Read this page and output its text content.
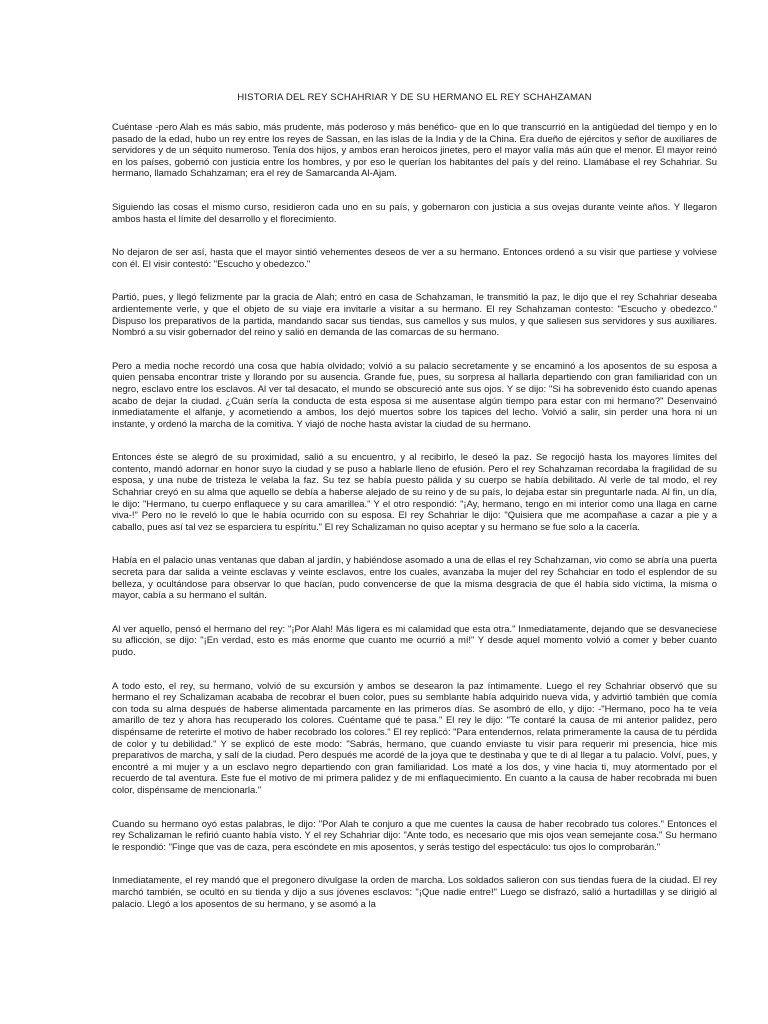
HISTORIA DEL REY SCHAHRIAR Y DE SU HERMANO EL REY SCHAHZAMAN

Cuéntase -pero Alah es más sabio, más prudente, más poderoso y más benéfico- que en lo que transcurrió en la antigüedad del tiempo y en lo pasado de la edad, hubo un rey entre los reyes de Sassan, en las islas de la India y de la China. Era dueño de ejércitos y señor de auxiliares de servidores y de un séquito numeroso. Tenía dos hijos, y ambos eran heroicos jinetes, pero el mayor valía más aún que el menor. El mayor reinó en los países, gobernó con justicia entre los hombres, y por eso le querían los habitantes del país y del reino. Llamábase el rey Schahriar. Su hermano, llamado Schahzaman; era el rey de Samarcanda Al-Ajam.

Siguiendo las cosas el mismo curso, residieron cada uno en su país, y gobernaron con justicia a sus ovejas durante veinte años. Y llegaron ambos hasta el límite del desarrollo y el florecimiento.

No dejaron de ser así, hasta que el mayor sintió vehementes deseos de ver a su hermano. Entonces ordenó a su visir que partiese y volviese con él. El visir contestó: "Escucho y obedezco."

Partió, pues, y llegó felizmente par la gracia de Alah; entró en casa de Schahzaman, le transmitió la paz, le dijo que el rey Schahriar deseaba ardientemente verle, y que el objeto de su viaje era invitarle a visitar a su hermano. El rey Schahzaman contesto: "Escucho y obedezco." Dispuso los preparativos de la partida, mandando sacar sus tiendas, sus camellos y sus mulos, y que saliesen sus servidores y sus auxiliares. Nombró a su visir gobernador del reino y salió en demanda de las comarcas de su hermano.

Pero a media noche recordó una cosa que había olvidado; volvió a su palacio secretamente y se encaminó a los aposentos de su esposa a quien pensaba encontrar triste y llorando por su ausencia. Grande fue, pues, su sorpresa al hallarla departiendo con gran familiaridad con un negro, esclavo entre los esclavos. Al ver tal desacato, el mundo se obscureció ante sus ojos. Y se dijo: "Si ha sobrevenido ésto cuando apenas acabo de dejar la ciudad. ¿Cuán sería la conducta de esta esposa si me ausentase algún tiempo para estar con mi hermano?" Desenvainó inmediatamente el alfanje, y acometiendo a ambos, los dejó muertos sobre los tapices del lecho. Volvió a salir, sin perder una hora ni un instante, y ordenó la marcha de la comitiva. Y viajó de noche hasta avistar la ciudad de su hermano.

Entonces éste se alegró de su proximidad, salió a su encuentro, y al recibirlo, le deseó la paz. Se regocijó hasta los mayores límites del contento, mandó adornar en honor suyo la ciudad y se puso a hablarle lleno de efusión. Pero el rey Schahzaman recordaba la fragilidad de su esposa, y una nube de tristeza le velaba la faz. Su tez se había puesto pálida y su cuerpo se había debilitado. Al verle de tal modo, el rey Schahriar creyó en su alma que aquello se debía a haberse alejado de su reino y de su país, lo dejaba estar sin preguntarle nada. Al fin, un día, le dijo: "Hermano, tu cuerpo enflaquece y su cara amarillea." Y el otro respondió: "¡Ay, hermano, tengo en mi interior como una llaga en carne viva-!" Pero no le reveló lo que le había ocurrido con su esposa. El rey Schahriar le dijo: "Quisiera que me acompañase a cazar a pie y a caballo, pues así tal vez se esparciera tu espíritu." El rey Schalizaman no quiso aceptar y su hermano se fue solo a la cacería.

Había en el palacio unas ventanas que daban al jardín, y habiéndose asomado a una de ellas el rey Schahzaman, vio como se abría una puerta secreta para dar salida a veinte esclavas y veinte esclavos, entre los cuales, avanzaba la mujer del rey Schahciar en todo el esplendor de su belleza, y ocultándose para observar lo que hacían, pudo convencerse de que la misma desgracia de que él había sido víctima, la misma o mayor, cabía a su hermano el sultán.

Al ver aquello, pensó el hermano del rey: "¡Por Alah! Más ligera es mi calamidad que esta otra." Inmediatamente, dejando que se desvaneciese su aflicción, se dijo: "¡En verdad, esto es más enorme que cuanto me ocurrió a mí!" Y desde aquel momento volvió a comer y beber cuanto pudo.

A todo esto, el rey, su hermano, volvió de su excursión y ambos se desearon la paz íntimamente. Luego el rey Schahriar observó que su hermano el rey Schalizaman acababa de recobrar el buen color, pues su semblante había adquirido nueva vida, y advirtió también que comía con toda su alma después de haberse alimentada parcamente en las primeros días. Se asombró de ello, y dijo: -"Hermano, poco ha te veía amarillo de tez y ahora has recuperado los colores. Cuéntame qué te pasa." El rey le dijo: "Te contaré la causa de mi anterior palidez, pero dispénsame de reterirte el motivo de haber recobrado los colores." El rey replicó: "Para entendernos, relata primeramente la causa de tu pérdida de color y tu debilidad." Y se explicó de este modo: "Sabrás, hermano, que cuando enviaste tu visir para requerir mi presencia, hice mis preparativos de marcha, y salí de la ciudad. Pero después me acordé de la joya que te destinaba y que te di al llegar a tu palacio. Volví, pues, y encontré a mi mujer y a un esclavo negro departiendo con gran familiaridad. Los maté a los dos, y vine hacia ti, muy atormentado por el recuerdo de tal aventura. Este fue el motivo de mi primera palidez y de mi enflaquecimiento. En cuanto a la causa de haber recobrada mi buen color, dispénsame de mencionarla."

Cuando su hermano oyó estas palabras, le dijo: "Por Alah te conjuro a que me cuentes la causa de haber recobrado tus colores." Entonces el rey Schalizaman le refirió cuanto había visto. Y el rey Schahriar dijo: "Ante todo, es necesario que mis ojos vean semejante cosa." Su hermano le respondió: "Finge que vas de caza, pera escóndete en mis aposentos, y serás testigo del espectáculo: tus ojos lo comprobarán."

Inmediatamente, el rey mandó que el pregonero divulgase la orden de marcha. Los soldados salieron con sus tiendas fuera de la ciudad. El rey marchó también, se ocultó en su tienda y dijo a sus jóvenes esclavos: "¡Que nadie entre!" Luego se disfrazó, salió a hurtadillas y se dirigió al palacio. Llegó a los aposentos de su hermano, y se asomó a la
